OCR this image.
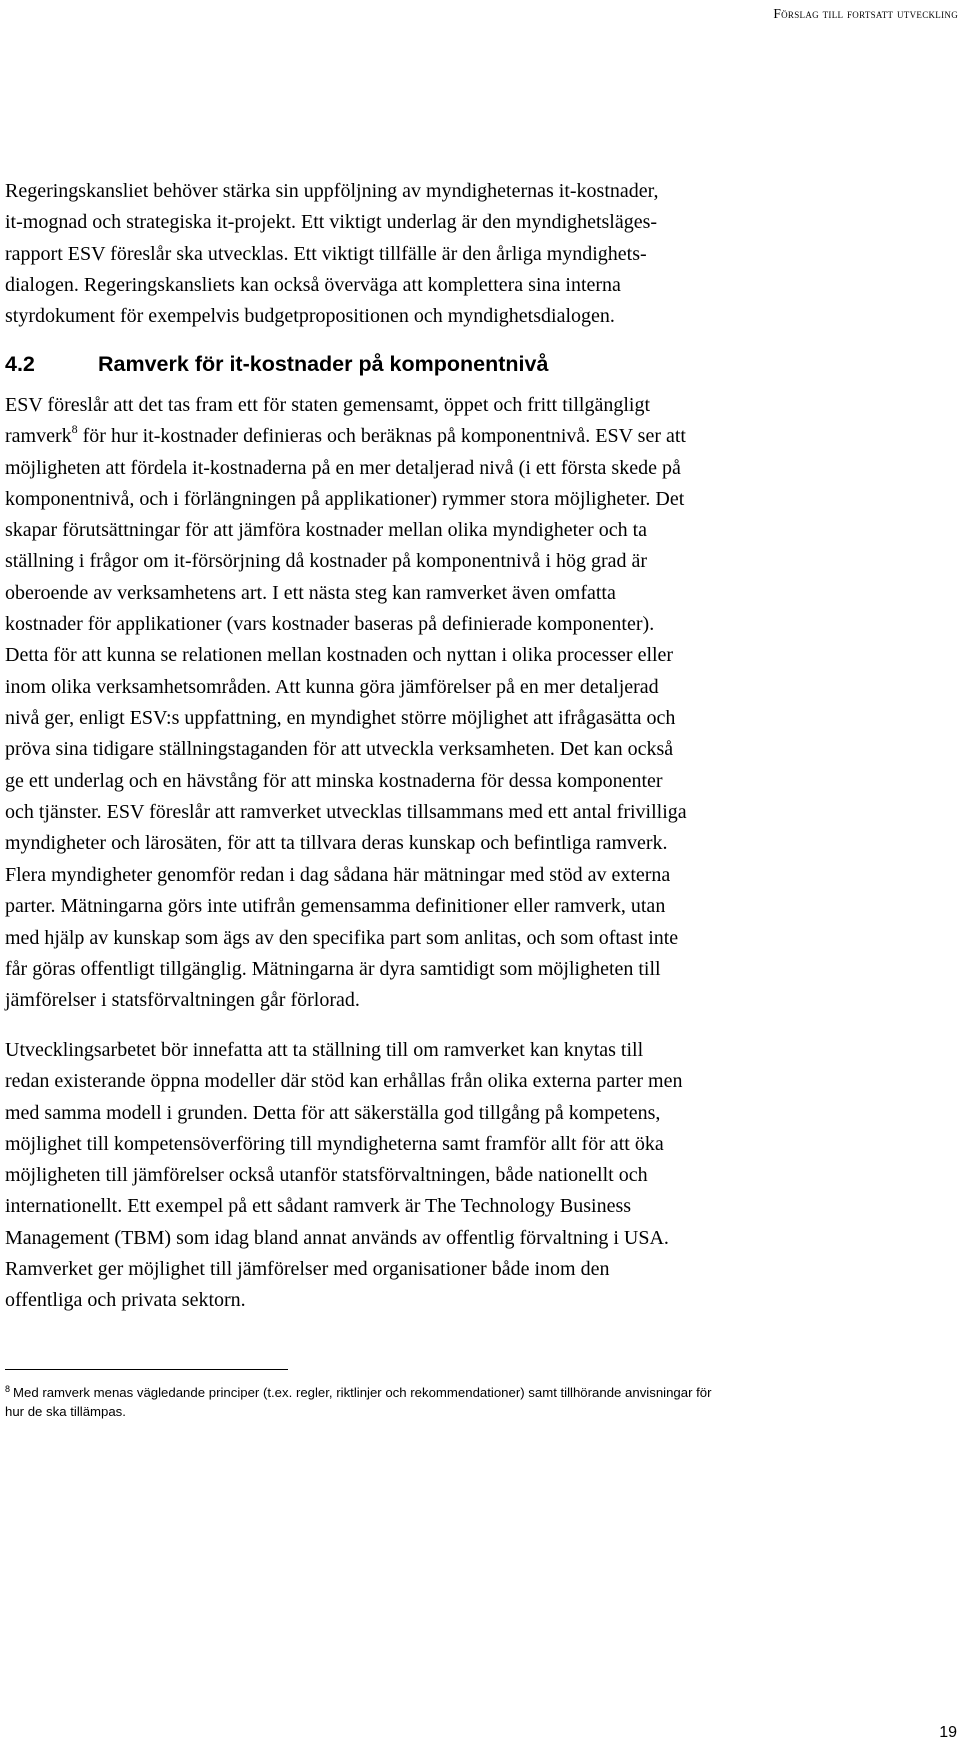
Förslag till fortsatt utveckling

Regeringskansliet behöver stärka sin uppföljning av myndigheternas it-kostnader,
it-mognad och strategiska it-projekt. Ett viktigt underlag är den myndighetsläges-
rapport ESV föreslår ska utvecklas. Ett viktigt tillfälle är den årliga myndighets-
dialogen. Regeringskansliets kan också överväga att komplettera sina interna
styrdokument för exempelvis budgetpropositionen och myndighetsdialogen.

4.2	Ramverk för it-kostnader på komponentnivå

ESV föreslår att det tas fram ett för staten gemensamt, öppet och fritt tillgängligt
ramverk$^8$ för hur it-kostnader definieras och beräknas på komponentnivå. ESV ser att
möjligheten att fördela it-kostnaderna på en mer detaljerad nivå (i ett första skede på
komponentnivå, och i förlängningen på applikationer) rymmer stora möjligheter. Det
skapar förutsättningar för att jämföra kostnader mellan olika myndigheter och ta
ställning i frågor om it-försörjning då kostnader på komponentnivå i hög grad är
oberoende av verksamhetens art. I ett nästa steg kan ramverket även omfatta
kostnader för applikationer (vars kostnader baseras på definierade komponenter).
Detta för att kunna se relationen mellan kostnaden och nyttan i olika processer eller
inom olika verksamhetsområden. Att kunna göra jämförelser på en mer detaljerad
nivå ger, enligt ESV:s uppfattning, en myndighet större möjlighet att ifrågasätta och
pröva sina tidigare ställningstaganden för att utveckla verksamheten. Det kan också
ge ett underlag och en hävstång för att minska kostnaderna för dessa komponenter
och tjänster. ESV föreslår att ramverket utvecklas tillsammans med ett antal frivilliga
myndigheter och lärosäten, för att ta tillvara deras kunskap och befintliga ramverk.

Flera myndigheter genomför redan i dag sådana här mätningar med stöd av externa
parter. Mätningarna görs inte utifrån gemensamma definitioner eller ramverk, utan
med hjälp av kunskap som ägs av den specifika part som anlitas, och som oftast inte
får göras offentligt tillgänglig. Mätningarna är dyra samtidigt som möjligheten till
jämförelser i statsförvaltningen går förlorad.

Utvecklingsarbetet bör innefatta att ta ställning till om ramverket kan knytas till
redan existerande öppna modeller där stöd kan erhållas från olika externa parter men
med samma modell i grunden. Detta för att säkerställa god tillgång på kompetens,
möjlighet till kompetensöverföring till myndigheterna samt framför allt för att öka
möjligheten till jämförelser också utanför statsförvaltningen, både nationellt och
internationellt. Ett exempel på ett sådant ramverk är The Technology Business
Management (TBM) som idag bland annat används av offentlig förvaltning i USA.
Ramverket ger möjlighet till jämförelser med organisationer både inom den
offentliga och privata sektorn.

$^8$ Med ramverk menas vägledande principer (t.ex. regler, riktlinjer och rekommendationer) samt tillhörande anvisningar för
hur de ska tillämpas.

19
